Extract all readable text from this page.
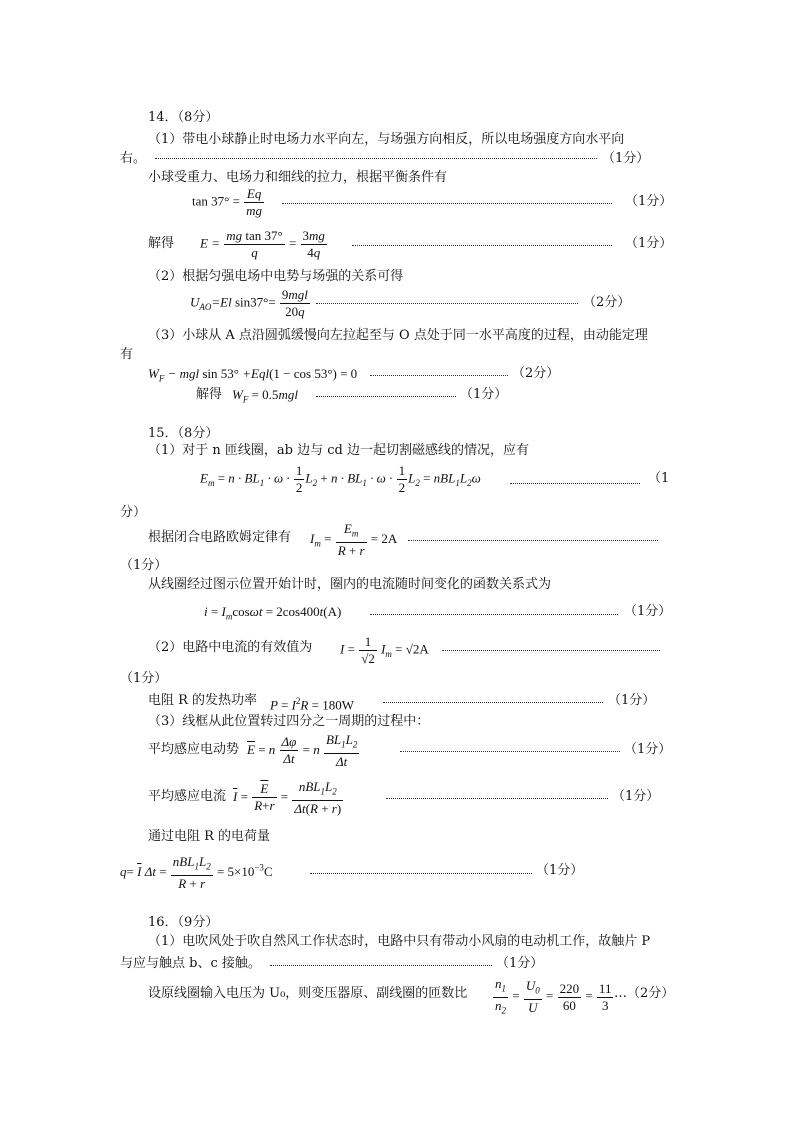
14．（8分）
（1）带电小球静止时电场力水平向左，与场强方向相反，所以电场强度方向水平向
右。	（1分）
小球受重力、电场力和细线的拉力，根据平衡条件有
$\tan 37^\circ = \frac{Eq}{mg}$	（1分）
解得 $E = \frac{\text{mg tan 37°}}{q} = \frac{3mg}{4q}$	（1分）
（2）根据匀强电场中电势与场强的关系可得
$U_{AO}=El$ $\sin 37^\circ= \frac{\text{9mgl}}{20q}$	（2分）
（3）小球从 A 点沿圆弧缓慢向左拉起至与 O 点处于同一水平高度的过程，由动能定理
有
$W_F$ − mgl sin 53° +Eql(1 − cos 53°) = 0	（2分）
解得 $W_F = 0.5mgl$	（1分）
15．（8分）
（1）对于 n 匝线圈，ab 边与 cd 边一起切割磁感线的情况，应有
$E_m = n \cdot BL_1 \cdot \omega \cdot \frac{1}{2} L_2 + n \cdot BL_1 \cdot \omega \cdot \frac{1}{2} L_2 = nBL_1L_2\omega$	（1
分）
根据闭合电路欧姆定律有 $I_m = \frac{E_m}{R + r} = 2A$
（1分）
从线圈经过图示位置开始计时，圈内的电流随时间变化的函数关系式为
$i = I_m\cos\omega t = 2\cos 400t(A)$	（1分）
（2）电路中电流的有效值为 $I = \frac{1}{√2} I_m = √2A$
（1分）
电阻 R 的发热功率 $P = I^2R = 180W$	（1分）
（3）线框从此位置转过四分之一周期的过程中：
平均感应电动势 $\overline{E} = n \frac{\Delta\varphi}{\Delta t} = n \frac{BL_1L_2}{\Delta t}$	（1分）
平均感应电流 $\overline{I} = \frac{\overline{E}}{R+r} = \frac{nBL_1L_2}{\Delta t(R + r)}$	（1分）
通过电阻 R 的电荷量
$q= \overline{I}$ $\Delta t = \frac{nBL_1L_2}{R + r} = 5\times 10^{-3}C$	（1分）
16．（9分）
（1）电吹风处于吹自然风工作状态时，电路中只有带动小风扇的电动机工作，故触片 P
与应与触点 b、c 接触。	（1分）
设原线圈输入电压为 U₀，则变压器原、副线圈的匝数比 $\frac{n_1}{n_2} = \frac{U_0}{U} = \frac{220}{60} = \frac{11}{3}$ …（2分）
